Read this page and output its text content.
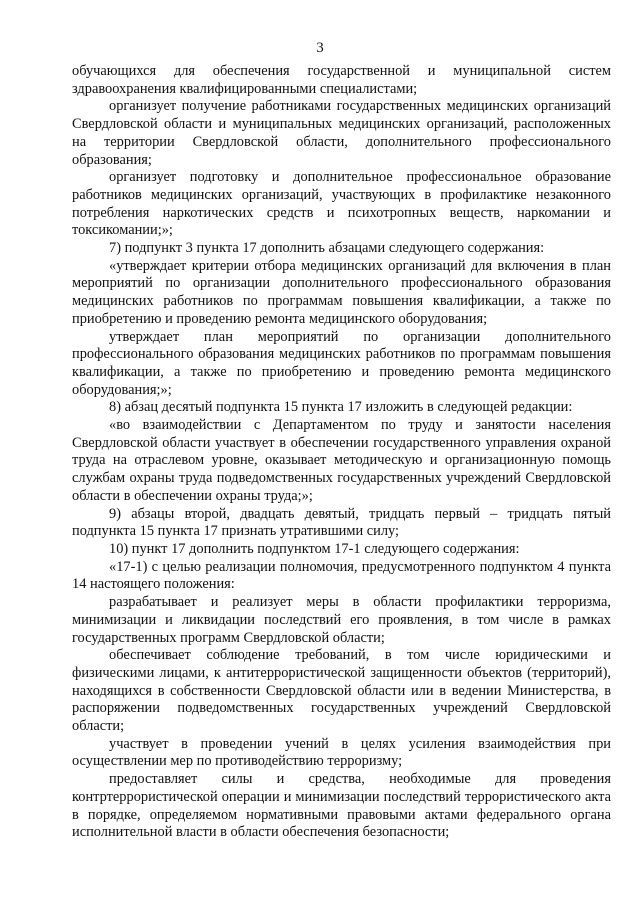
3

обучающихся для обеспечения государственной и муниципальной систем здравоохранения квалифицированными специалистами;

организует получение работниками государственных медицинских организаций Свердловской области и муниципальных медицинских организаций, расположенных на территории Свердловской области, дополнительного профессионального образования;

организует подготовку и дополнительное профессиональное образование работников медицинских организаций, участвующих в профилактике незаконного потребления наркотических средств и психотропных веществ, наркомании и токсикомании;»;

7) подпункт 3 пункта 17 дополнить абзацами следующего содержания:

«утверждает критерии отбора медицинских организаций для включения в план мероприятий по организации дополнительного профессионального образования медицинских работников по программам повышения квалификации, а также по приобретению и проведению ремонта медицинского оборудования;

утверждает план мероприятий по организации дополнительного профессионального образования медицинских работников по программам повышения квалификации, а также по приобретению и проведению ремонта медицинского оборудования;»;

8) абзац десятый подпункта 15 пункта 17 изложить в следующей редакции:

«во взаимодействии с Департаментом по труду и занятости населения Свердловской области участвует в обеспечении государственного управления охраной труда на отраслевом уровне, оказывает методическую и организационную помощь службам охраны труда подведомственных государственных учреждений Свердловской области в обеспечении охраны труда;»;

9) абзацы второй, двадцать девятый, тридцать первый – тридцать пятый подпункта 15 пункта 17 признать утратившими силу;

10) пункт 17 дополнить подпунктом 17-1 следующего содержания:

«17-1) с целью реализации полномочия, предусмотренного подпунктом 4 пункта 14 настоящего положения:

разрабатывает и реализует меры в области профилактики терроризма, минимизации и ликвидации последствий его проявления, в том числе в рамках государственных программ Свердловской области;

обеспечивает соблюдение требований, в том числе юридическими и физическими лицами, к антитеррористической защищенности объектов (территорий), находящихся в собственности Свердловской области или в ведении Министерства, в распоряжении подведомственных государственных учреждений Свердловской области;

участвует в проведении учений в целях усиления взаимодействия при осуществлении мер по противодействию терроризму;

предоставляет силы и средства, необходимые для проведения контртеррористической операции и минимизации последствий террористического акта в порядке, определяемом нормативными правовыми актами федерального органа исполнительной власти в области обеспечения безопасности;
